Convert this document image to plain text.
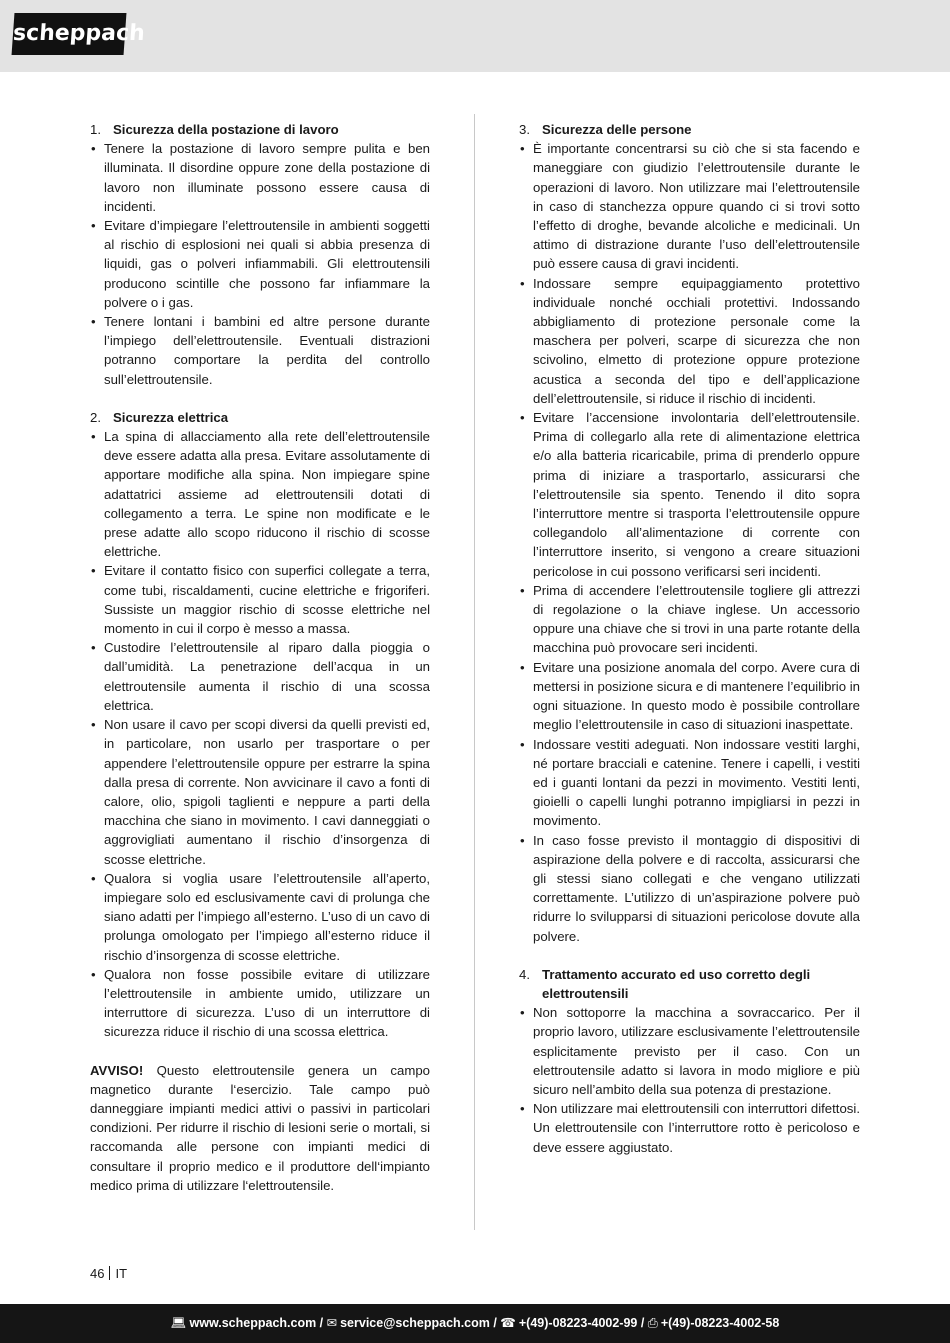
scheppach
1. Sicurezza della postazione di lavoro
• Tenere la postazione di lavoro sempre pulita e ben illuminata. Il disordine oppure zone della postazione di lavoro non illuminate possono essere causa di incidenti.
• Evitare d’impiegare l’elettroutensile in ambienti soggetti al rischio di esplosioni nei quali si abbia presenza di liquidi, gas o polveri infiammabili. Gli elettroutensili producono scintille che possono far infiammare la polvere o i gas.
• Tenere lontani i bambini ed altre persone durante l’impiego dell’elettroutensile. Eventuali distrazioni potranno comportare la perdita del controllo sull’elettroutensile.
2. Sicurezza elettrica
• La spina di allacciamento alla rete dell’elettroutensile deve essere adatta alla presa. Evitare assolutamente di apportare modifiche alla spina. Non impiegare spine adattatrici assieme ad elettroutensili dotati di collegamento a terra. Le spine non modificate e le prese adatte allo scopo riducono il rischio di scosse elettriche.
• Evitare il contatto fisico con superfici collegate a terra, come tubi, riscaldamenti, cucine elettriche e frigoriferi. Sussiste un maggior rischio di scosse elettriche nel momento in cui il corpo è messo a massa.
• Custodire l’elettroutensile al riparo dalla pioggia o dall’umidità. La penetrazione dell’acqua in un elettroutensile aumenta il rischio di una scossa elettrica.
• Non usare il cavo per scopi diversi da quelli previsti ed, in particolare, non usarlo per trasportare o per appendere l’elettroutensile oppure per estrarre la spina dalla presa di corrente. Non avvicinare il cavo a fonti di calore, olio, spigoli taglienti e neppure a parti della macchina che siano in movimento. I cavi danneggiati o aggrovigliati aumentano il rischio d’insorgenza di scosse elettriche.
• Qualora si voglia usare l’elettroutensile all’aperto, impiegare solo ed esclusivamente cavi di prolunga che siano adatti per l’impiego all’esterno. L’uso di un cavo di prolunga omologato per l’impiego all’esterno riduce il rischio d’insorgenza di scosse elettriche.
• Qualora non fosse possibile evitare di utilizzare l’elettroutensile in ambiente umido, utilizzare un interruttore di sicurezza. L’uso di un interruttore di sicurezza riduce il rischio di una scossa elettrica.

AVVISO! Questo elettroutensile genera un campo magnetico durante l‘esercizio. Tale campo può danneggiare impianti medici attivi o passivi in particolari condizioni. Per ridurre il rischio di lesioni serie o mortali, si raccomanda alle persone con impianti medici di consultare il proprio medico e il produttore dell‘impianto medico prima di utilizzare l‘elettroutensile.

3. Sicurezza delle persone
• È importante concentrarsi su ciò che si sta facendo e maneggiare con giudizio l’elettroutensile durante le operazioni di lavoro. Non utilizzare mai l’elettroutensile in caso di stanchezza oppure quando ci si trovi sotto l’effetto di droghe, bevande alcoliche e medicinali. Un attimo di distrazione durante l’uso dell’elettroutensile può essere causa di gravi incidenti.
• Indossare sempre equipaggiamento protettivo individuale nonché occhiali protettivi. Indossando abbigliamento di protezione personale come la maschera per polveri, scarpe di sicurezza che non scivolino, elmetto di protezione oppure protezione acustica a seconda del tipo e dell’applicazione dell’elettroutensile, si riduce il rischio di incidenti.
• Evitare l’accensione involontaria dell’elettroutensile. Prima di collegarlo alla rete di alimentazione elettrica e/o alla batteria ricaricabile, prima di prenderlo oppure prima di iniziare a trasportarlo, assicurarsi che l’elettroutensile sia spento. Tenendo il dito sopra l’interruttore mentre si trasporta l’elettroutensile oppure collegandolo all’alimentazione di corrente con l’interruttore inserito, si vengono a creare situazioni pericolose in cui possono verificarsi seri incidenti.
• Prima di accendere l’elettroutensile togliere gli attrezzi di regolazione o la chiave inglese. Un accessorio oppure una chiave che si trovi in una parte rotante della macchina può provocare seri incidenti.
• Evitare una posizione anomala del corpo. Avere cura di mettersi in posizione sicura e di mantenere l’equilibrio in ogni situazione. In questo modo è possibile controllare meglio l’elettroutensile in caso di situazioni inaspettate.
• Indossare vestiti adeguati. Non indossare vestiti larghi, né portare bracciali e catenine. Tenere i capelli, i vestiti ed i guanti lontani da pezzi in movimento. Vestiti lenti, gioielli o capelli lunghi potranno impigliarsi in pezzi in movimento.
• In caso fosse previsto il montaggio di dispositivi di aspirazione della polvere e di raccolta, assicurarsi che gli stessi siano collegati e che vengano utilizzati correttamente. L’utilizzo di un’aspirazione polvere può ridurre lo svilupparsi di situazioni pericolose dovute alla polvere.
4. Trattamento accurato ed uso corretto degli elettroutensili
• Non sottoporre la macchina a sovraccarico. Per il proprio lavoro, utilizzare esclusivamente l’elettroutensile esplicitamente previsto per il caso. Con un elettroutensile adatto si lavora in modo migliore e più sicuro nell’ambito della sua potenza di prestazione.
• Non utilizzare mai elettroutensili con interruttori difettosi. Un elettroutensile con l’interruttore rotto è pericoloso e deve essere aggiustato.
46 IT
💻︎ www.scheppach.com / ✉︎ service@scheppach.com / ☎︎ +(49)-08223-4002-99 / ⎙ +(49)-08223-4002-58
